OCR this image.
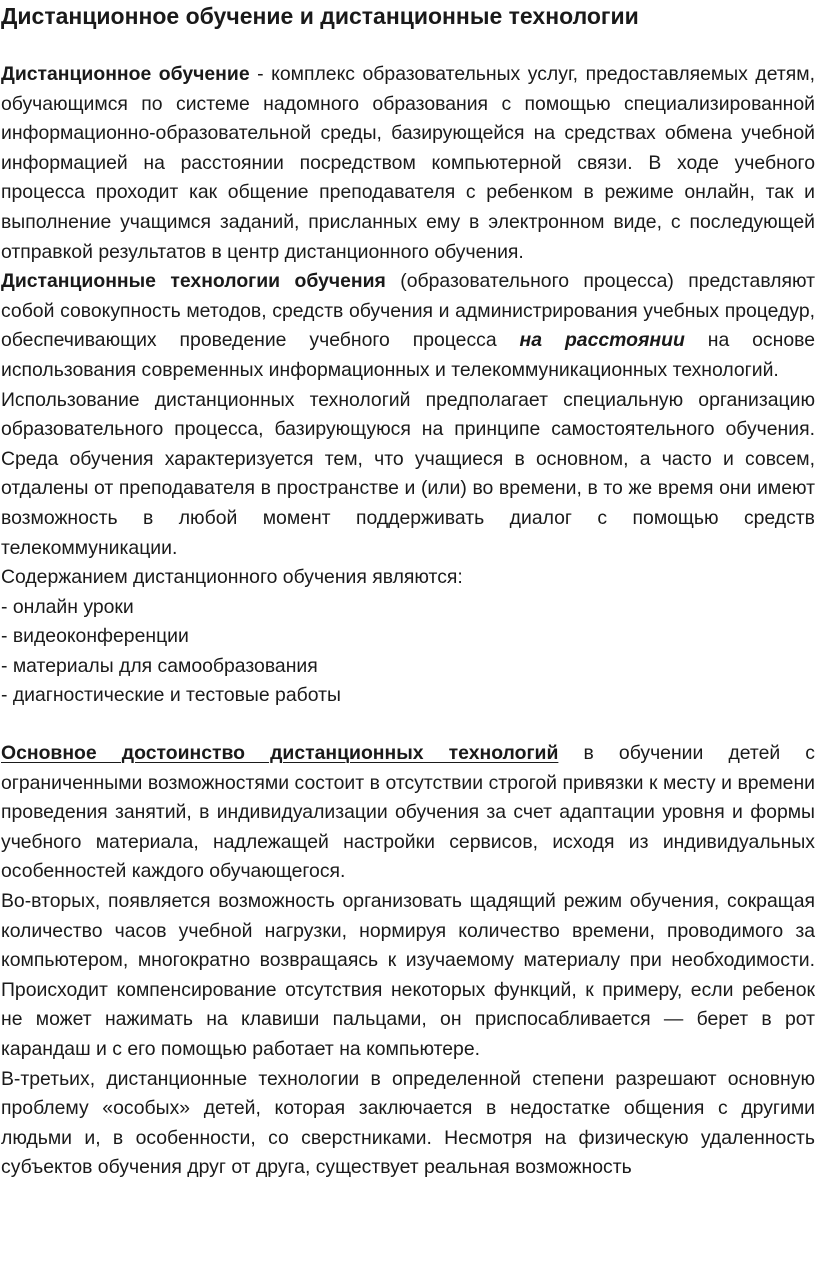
Дистанционное обучение и дистанционные технологии

Дистанционное обучение - комплекс образовательных услуг, предоставляемых детям, обучающимся по системе надомного образования с помощью специализированной информационно-образовательной среды, базирующейся на средствах обмена учебной информацией на расстоянии посредством компьютерной связи. В ходе учебного процесса проходит как общение преподавателя с ребенком в режиме онлайн, так и выполнение учащимся заданий, присланных ему в электронном виде, с последующей отправкой результатов в центр дистанционного обучения.

Дистанционные технологии обучения (образовательного процесса) представляют собой совокупность методов, средств обучения и администрирования учебных процедур, обеспечивающих проведение учебного процесса на расстоянии на основе использования современных информационных и телекоммуникационных технологий.

Использование дистанционных технологий предполагает специальную организацию образовательного процесса, базирующуюся на принципе самостоятельного обучения. Среда обучения характеризуется тем, что учащиеся в основном, а часто и совсем, отдалены от преподавателя в пространстве и (или) во времени, в то же время они имеют возможность в любой момент поддерживать диалог с помощью средств телекоммуникации.

Содержанием дистанционного обучения являются:

- онлайн уроки

- видеоконференции

- материалы для самообразования

- диагностические и тестовые работы

Основное достоинство дистанционных технологий в обучении детей с ограниченными возможностями состоит в отсутствии строгой привязки к месту и времени проведения занятий, в индивидуализации обучения за счет адаптации уровня и формы учебного материала, надлежащей настройки сервисов, исходя из индивидуальных особенностей каждого обучающегося.

Во-вторых, появляется возможность организовать щадящий режим обучения, сокращая количество часов учебной нагрузки, нормируя количество времени, проводимого за компьютером, многократно возвращаясь к изучаемому материалу при необходимости. Происходит компенсирование отсутствия некоторых функций, к примеру, если ребенок не может нажимать на клавиши пальцами, он приспосабливается — берет в рот карандаш и с его помощью работает на компьютере.

В-третьих, дистанционные технологии в определенной степени разрешают основную проблему «особых» детей, которая заключается в недостатке общения с другими людьми и, в особенности, со сверстниками. Несмотря на физическую удаленность субъектов обучения друг от друга, существует реальная возможность
